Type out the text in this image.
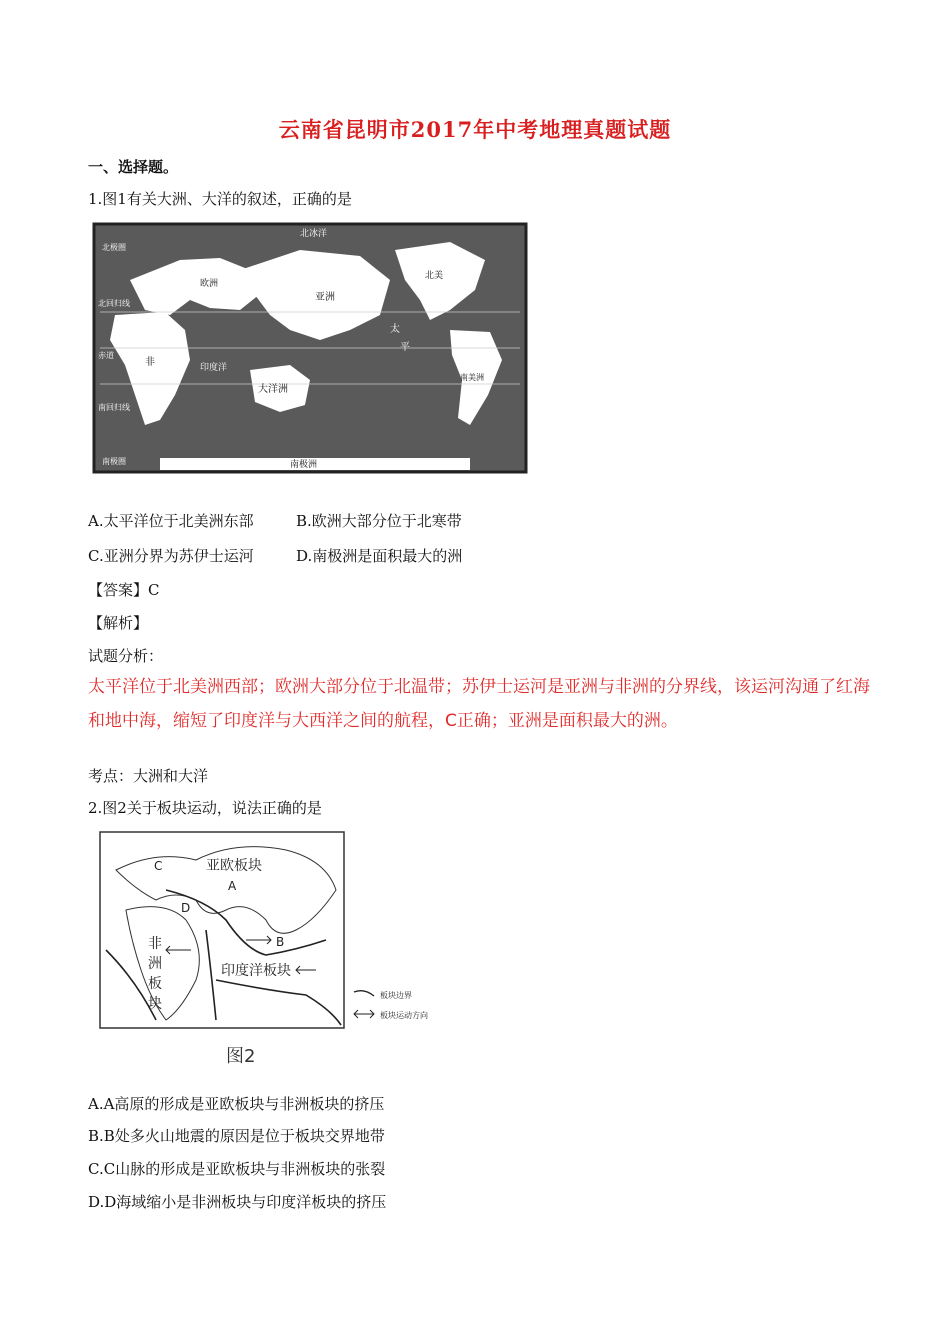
云南省昆明市2017年中考地理真题试题
一、选择题。
1.图1有关大洲、大洋的叙述，正确的是
北极圈
北回归线
赤道
南回归线
南极圈
北冰洋
欧洲
亚洲
非
大洋洲
南极洲
北美
南美洲
太
平
印度洋
A.太平洋位于北美洲东部	B.欧洲大部分位于北寒带
C.亚洲分界为苏伊士运河	D.南极洲是面积最大的洲
【答案】C
【解析】
试题分析：
太平洋位于北美洲西部；欧洲大部分位于北温带；苏伊士运河是亚洲与非洲的分界线，该运河沟通了红海和地中海，缩短了印度洋与大西洋之间的航程，C正确；亚洲是面积最大的洲。
考点：大洲和大洋
2.图2关于板块运动，说法正确的是
亚欧板块
印度洋板块
非
洲
板
块
A
B
C
D
板块边界
板块运动方向
图2
A.A高原的形成是亚欧板块与非洲板块的挤压
B.B处多火山地震的原因是位于板块交界地带
C.C山脉的形成是亚欧板块与非洲板块的张裂
D.D海域缩小是非洲板块与印度洋板块的挤压
